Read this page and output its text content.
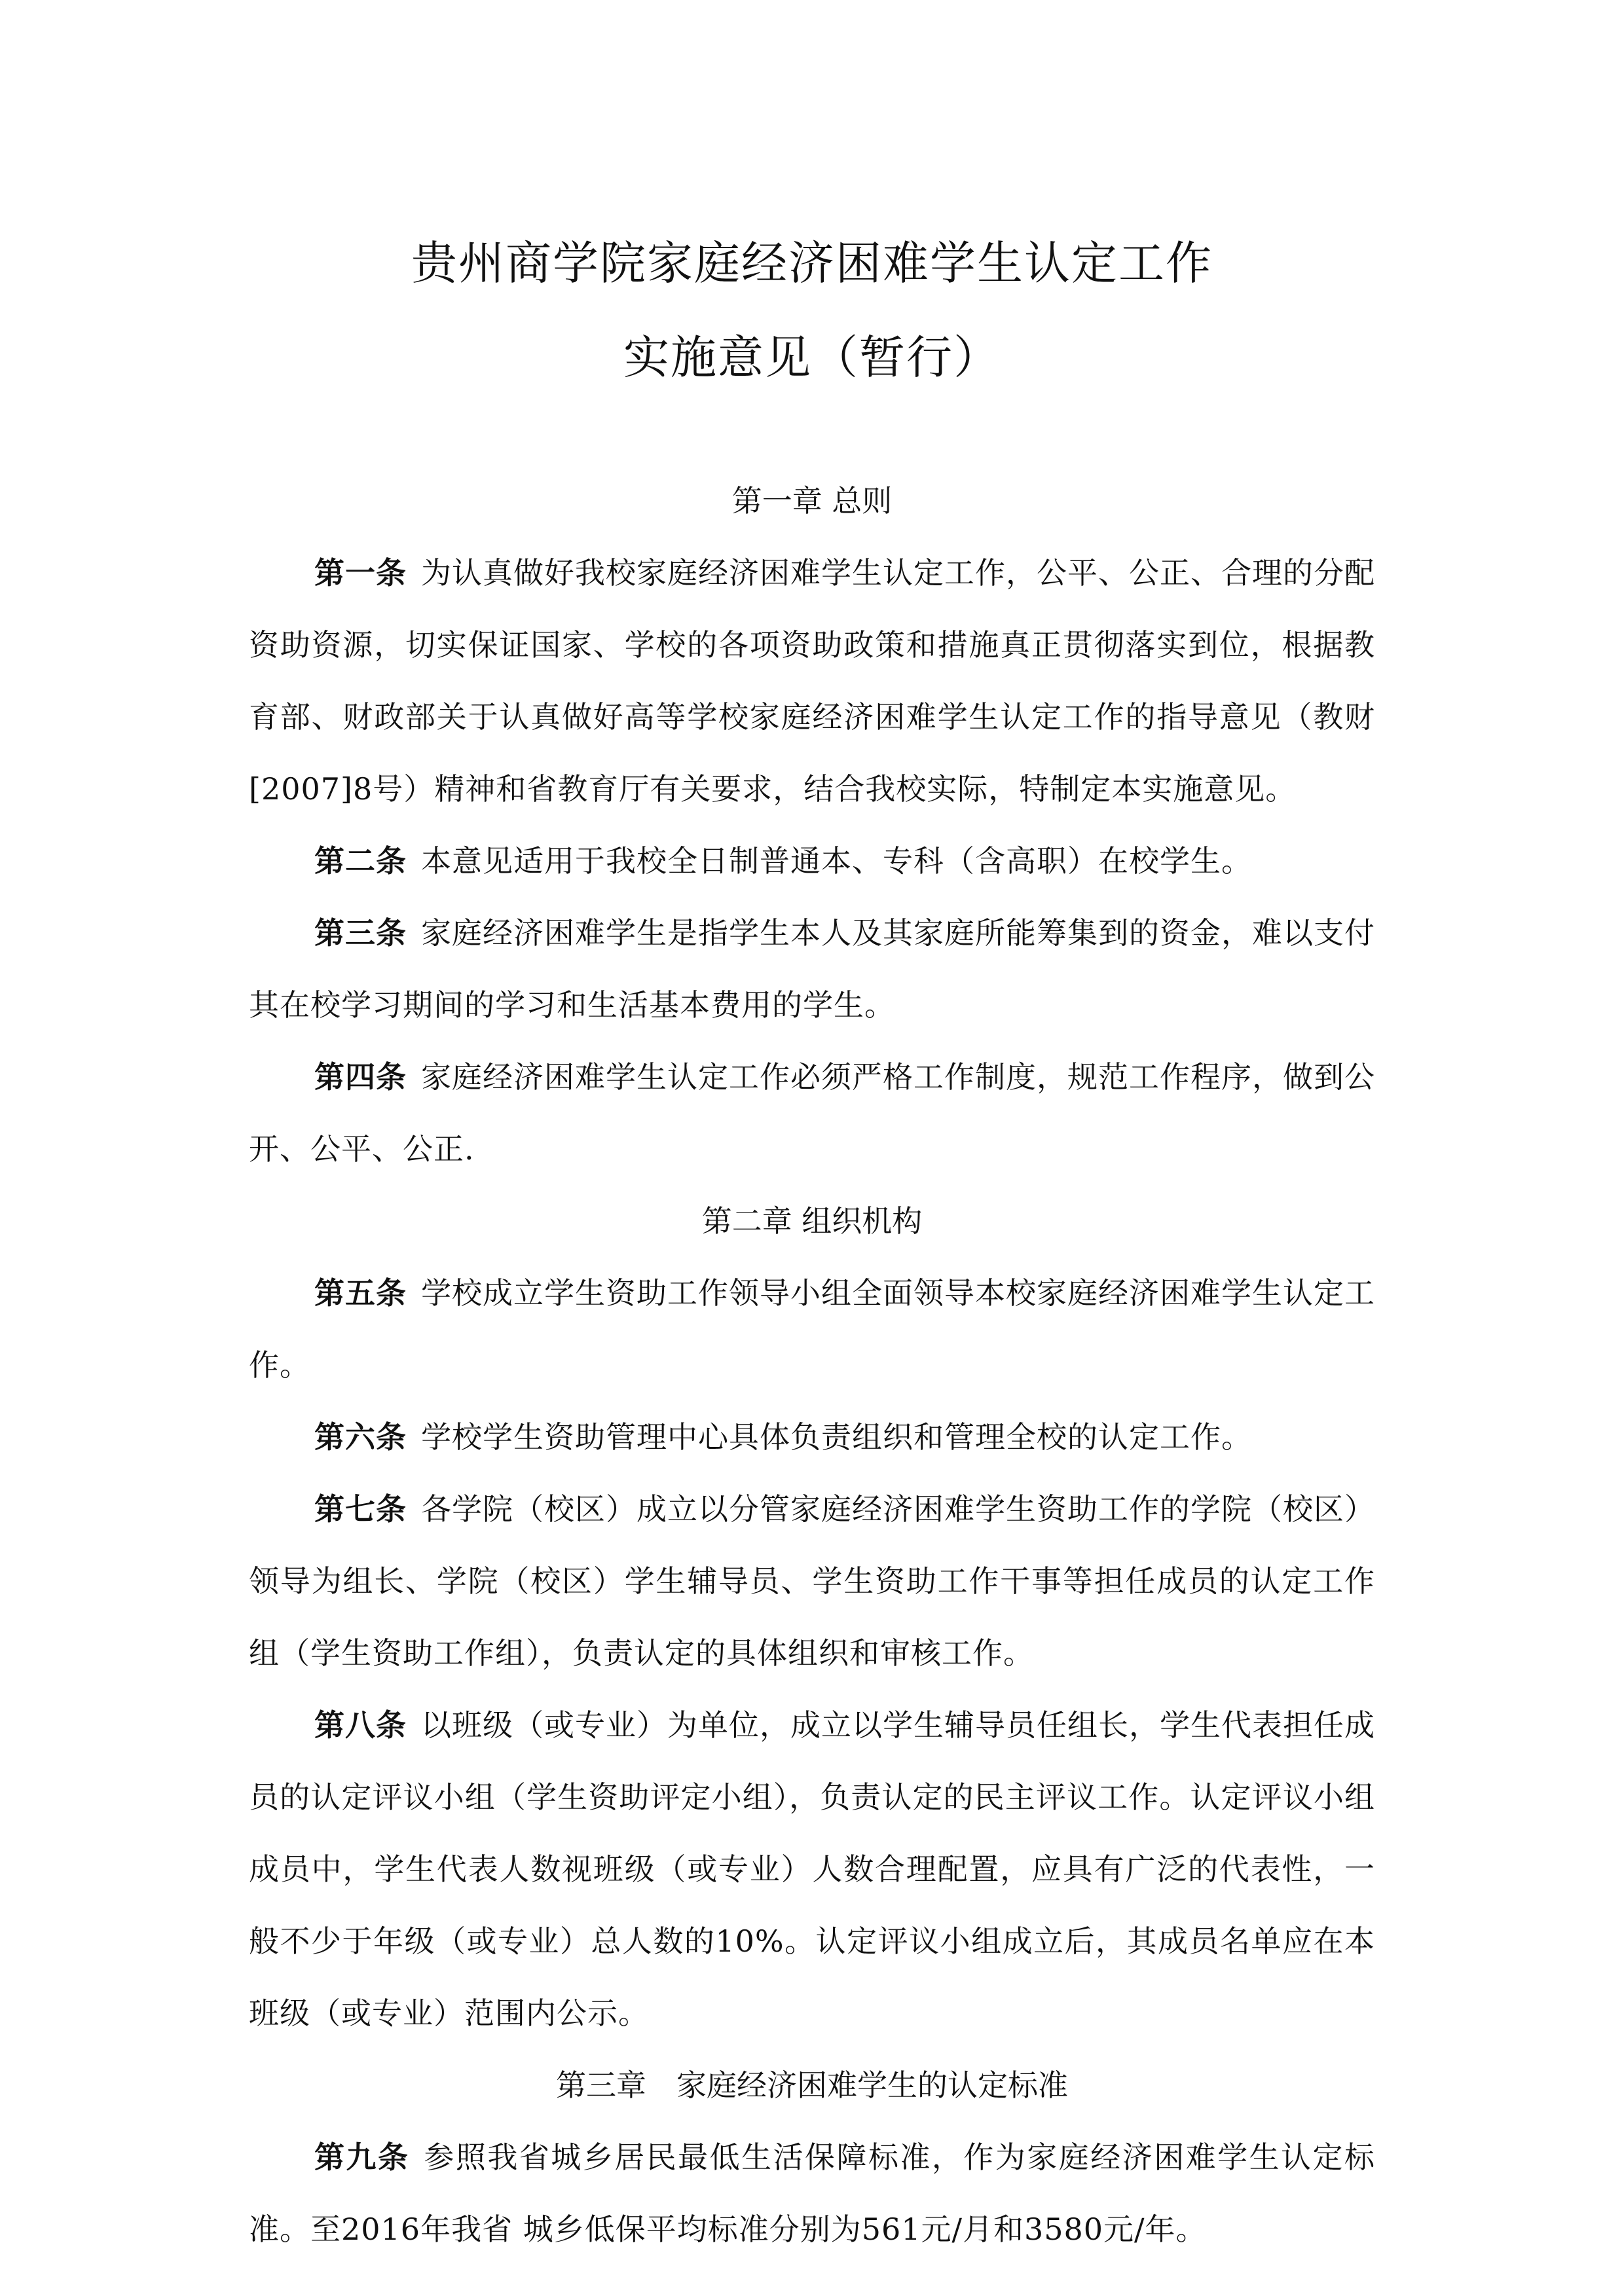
贵州商学院家庭经济困难学生认定工作
实施意见（暂行）
第一章 总则

第一条 为认真做好我校家庭经济困难学生认定工作，公平、公正、合理的分配资助资源，切实保证国家、学校的各项资助政策和措施真正贯彻落实到位，根据教育部、财政部关于认真做好高等学校家庭经济困难学生认定工作的指导意见（教财[2007]8号）精神和省教育厅有关要求，结合我校实际，特制定本实施意见。

第二条 本意见适用于我校全日制普通本、专科（含高职）在校学生。

第三条 家庭经济困难学生是指学生本人及其家庭所能筹集到的资金，难以支付其在校学习期间的学习和生活基本费用的学生。

第四条 家庭经济困难学生认定工作必须严格工作制度，规范工作程序，做到公开、公平、公正.

第二章 组织机构

第五条 学校成立学生资助工作领导小组全面领导本校家庭经济困难学生认定工作。

第六条 学校学生资助管理中心具体负责组织和管理全校的认定工作。

第七条 各学院（校区）成立以分管家庭经济困难学生资助工作的学院（校区）领导为组长、学院（校区）学生辅导员、学生资助工作干事等担任成员的认定工作组（学生资助工作组），负责认定的具体组织和审核工作。

第八条 以班级（或专业）为单位，成立以学生辅导员任组长，学生代表担任成员的认定评议小组（学生资助评定小组），负责认定的民主评议工作。认定评议小组成员中，学生代表人数视班级（或专业）人数合理配置，应具有广泛的代表性，一般不少于年级（或专业）总人数的10%。认定评议小组成立后，其成员名单应在本班级（或专业）范围内公示。

第三章　家庭经济困难学生的认定标准

第九条 参照我省城乡居民最低生活保障标准，作为家庭经济困难学生认定标准。至2016年我省 城乡低保平均标准分别为561元/月和3580元/年。
